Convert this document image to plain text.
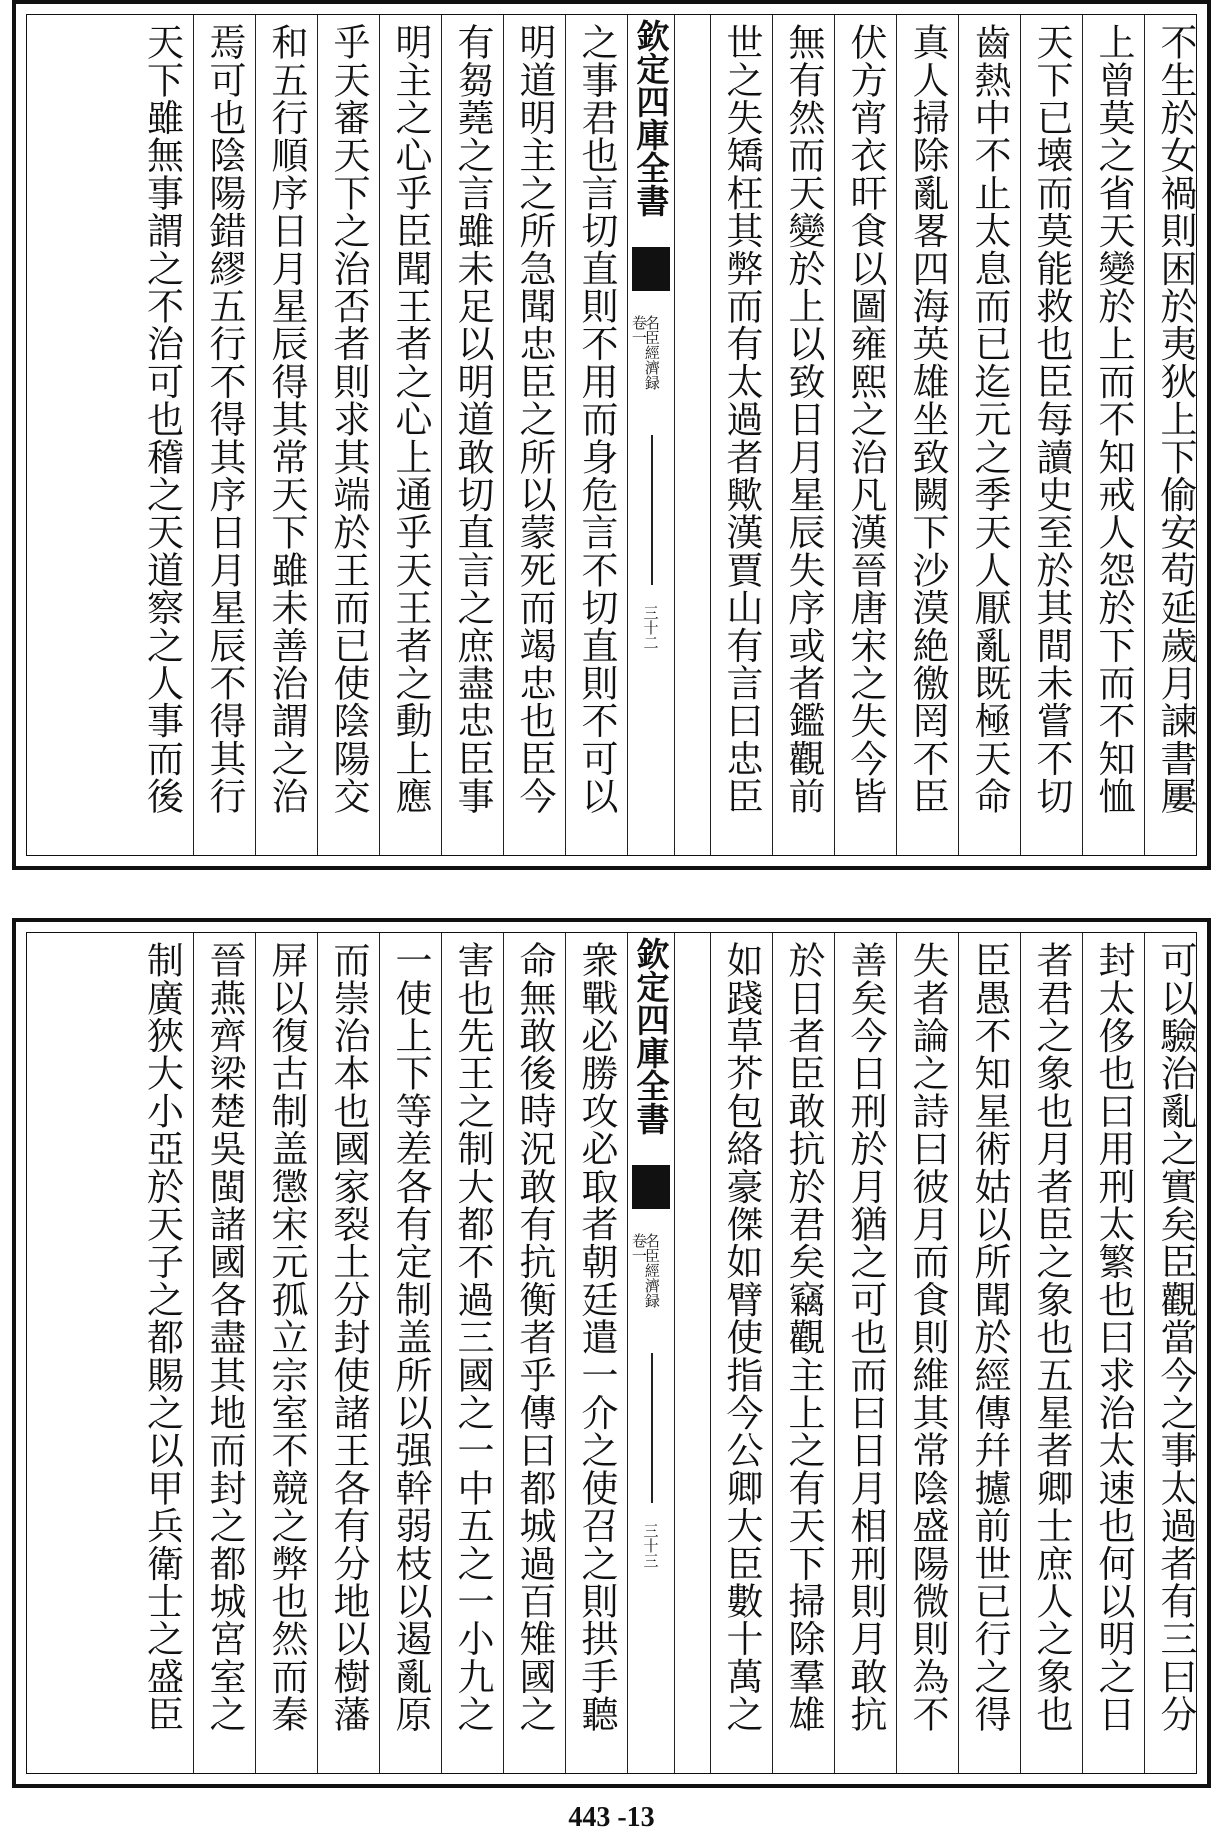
不生於女禍則困於夷狄上下偷安苟延歲月諫書屢
上曾莫之省天變於上而不知戒人怨於下而不知恤
天下已壊而莫能救也臣每讀史至於其間未嘗不切
齒熱中不止太息而已迄元之季天人厭亂既極天命
真人掃除亂畧四海英雄坐致闕下沙漠絶徼罔不臣
伏方宵衣旰食以圖雍熙之治凡漢晉唐宋之失今皆
無有然而天變於上以致日月星辰失序或者鑑觀前
世之失矯枉其弊而有太過者歟漢賈山有言曰忠臣
欽定四庫全書
名臣經濟録
卷一
三十二
之事君也言切直則不用而身危言不切直則不可以
明道明主之所急聞忠臣之所以蒙死而竭忠也臣今
有芻蕘之言雖未足以明道敢切直言之庶盡忠臣事
明主之心乎臣聞王者之心上通乎天王者之動上應
乎天審天下之治否者則求其端於王而已使陰陽交
和五行順序日月星辰得其常天下雖未善治謂之治
焉可也陰陽錯繆五行不得其序日月星辰不得其行
天下雖無事謂之不治可也稽之天道察之人事而後
可以驗治亂之實矣臣觀當今之事太過者有三曰分
封太侈也曰用刑太繁也曰求治太速也何以明之日
者君之象也月者臣之象也五星者卿士庶人之象也
臣愚不知星術姑以所聞於經傳幷攄前世已行之得
失者論之詩曰彼月而食則維其常陰盛陽微則為不
善矣今日刑於月猶之可也而曰日月相刑則月敢抗
於日者臣敢抗於君矣竊觀主上之有天下掃除羣雄
如踐草芥包絡豪傑如臂使指今公卿大臣數十萬之
欽定四庫全書
名臣經濟録
卷一
三十三
衆戰必勝攻必取者朝廷遣一介之使召之則拱手聽
命無敢後時況敢有抗衡者乎傳曰都城過百雉國之
害也先王之制大都不過三國之一中五之一小九之
一使上下等差各有定制盖所以强幹弱枝以遏亂原
而崇治本也國家裂土分封使諸王各有分地以樹藩
屏以復古制盖懲宋元孤立宗室不競之弊也然而秦
晉燕齊梁楚吳閩諸國各盡其地而封之都城宮室之
制廣狹大小亞於天子之都賜之以甲兵衛士之盛臣
443 -13
